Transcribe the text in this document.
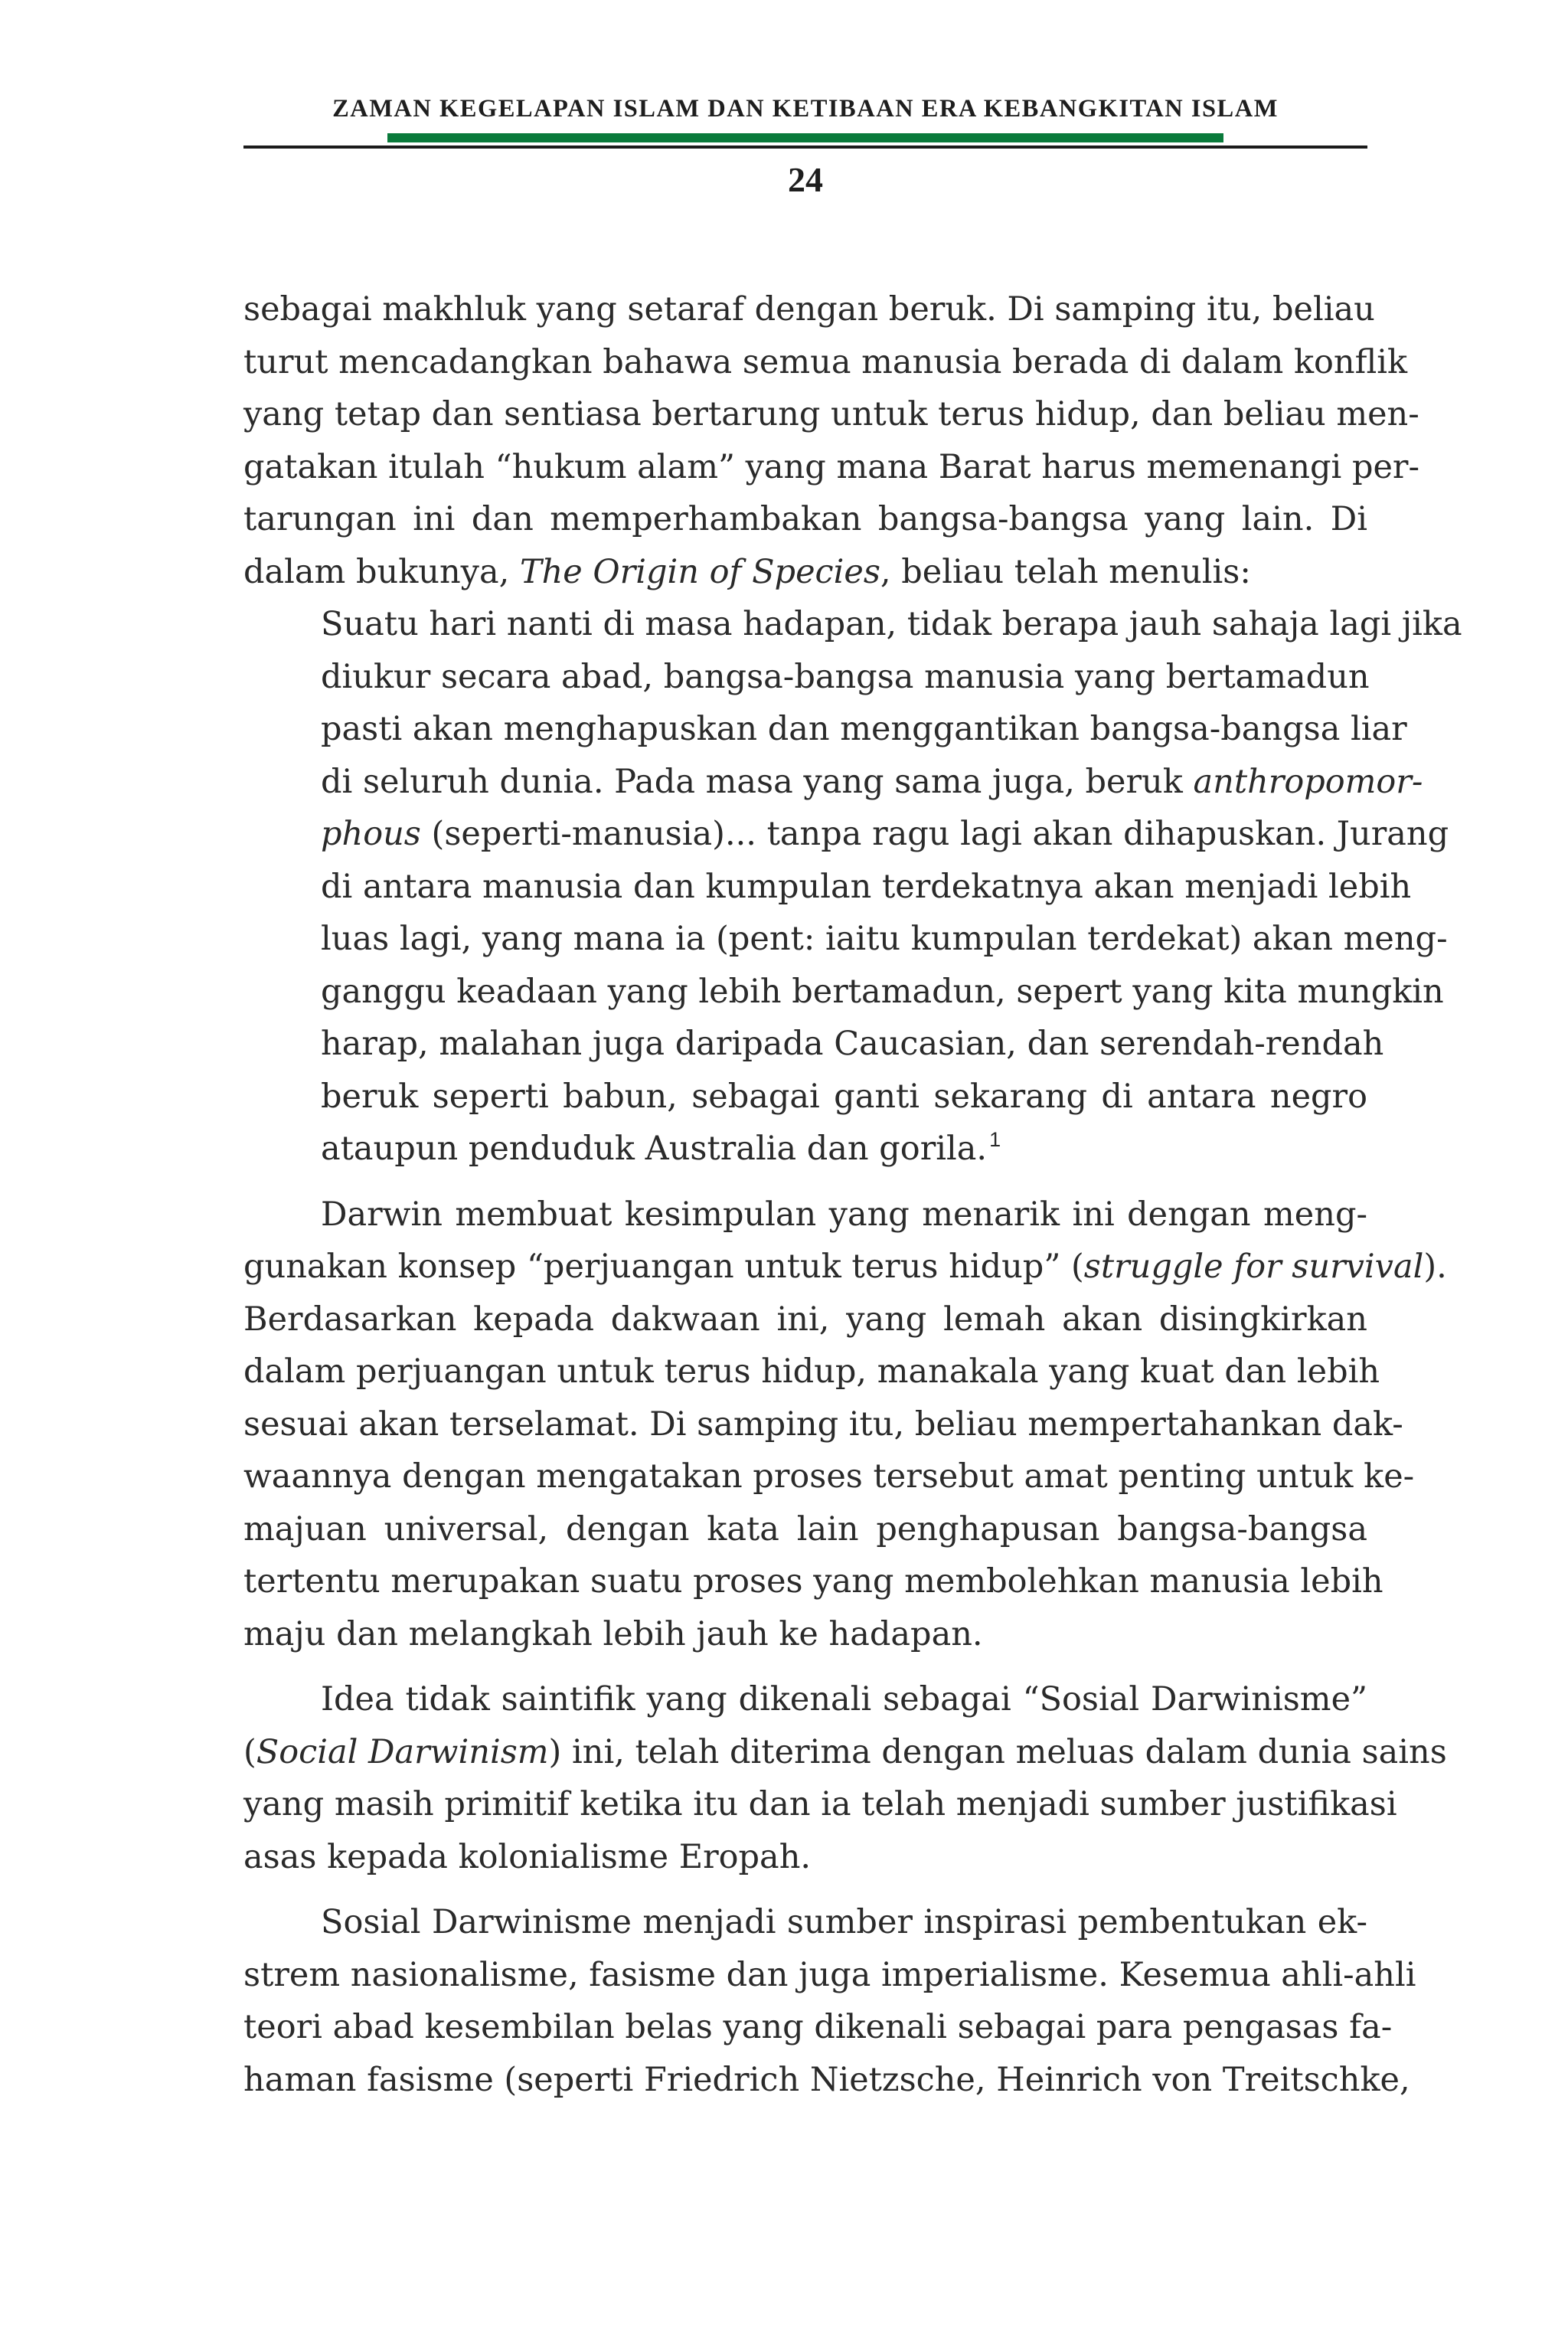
ZAMAN KEGELAPAN ISLAM DAN KETIBAAN ERA KEBANGKITAN ISLAM
24
sebagai makhluk yang setaraf dengan beruk. Di samping itu, beliau
turut mencadangkan bahawa semua manusia berada di dalam konflik
yang tetap dan sentiasa bertarung untuk terus hidup, dan beliau men-
gatakan itulah “hukum alam” yang mana Barat harus memenangi per-
tarungan ini dan memperhambakan bangsa-bangsa yang lain. Di
dalam bukunya, The Origin of Species, beliau telah menulis:
Suatu hari nanti di masa hadapan, tidak berapa jauh sahaja lagi jika
diukur secara abad, bangsa-bangsa manusia yang bertamadun
pasti akan menghapuskan dan menggantikan bangsa-bangsa liar
di seluruh dunia. Pada masa yang sama juga, beruk anthropomor-
phous (seperti-manusia)... tanpa ragu lagi akan dihapuskan. Jurang
di antara manusia dan kumpulan terdekatnya akan menjadi lebih
luas lagi, yang mana ia (pent: iaitu kumpulan terdekat) akan meng-
ganggu keadaan yang lebih bertamadun, sepert yang kita mungkin
harap, malahan juga daripada Caucasian, dan serendah-rendah
beruk seperti babun, sebagai ganti sekarang di antara negro
ataupun penduduk Australia dan gorila. $^1$
Darwin membuat kesimpulan yang menarik ini dengan meng-
gunakan konsep “perjuangan untuk terus hidup” (struggle for survival).
Berdasarkan kepada dakwaan ini, yang lemah akan disingkirkan
dalam perjuangan untuk terus hidup, manakala yang kuat dan lebih
sesuai akan terselamat. Di samping itu, beliau mempertahankan dak-
waannya dengan mengatakan proses tersebut amat penting untuk ke-
majuan universal, dengan kata lain penghapusan bangsa-bangsa
tertentu merupakan suatu proses yang membolehkan manusia lebih
maju dan melangkah lebih jauh ke hadapan.
Idea tidak saintifik yang dikenali sebagai “Sosial Darwinisme”
(Social Darwinism) ini, telah diterima dengan meluas dalam dunia sains
yang masih primitif ketika itu dan ia telah menjadi sumber justifikasi
asas kepada kolonialisme Eropah.
Sosial Darwinisme menjadi sumber inspirasi pembentukan ek-
strem nasionalisme, fasisme dan juga imperialisme. Kesemua ahli-ahli
teori abad kesembilan belas yang dikenali sebagai para pengasas fa-
haman fasisme (seperti Friedrich Nietzsche, Heinrich von Treitschke,
